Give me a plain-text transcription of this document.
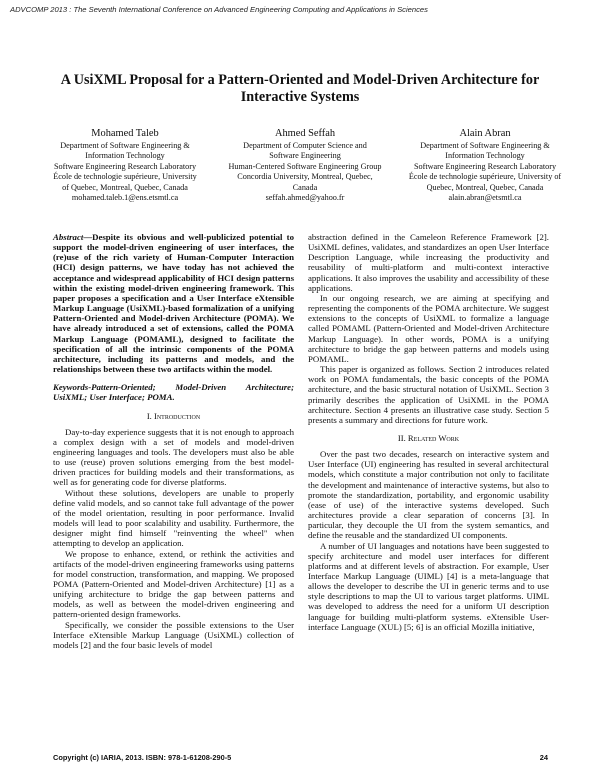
ADVCOMP 2013 : The Seventh International Conference on Advanced Engineering Computing and Applications in Sciences
A UsiXML Proposal for a Pattern-Oriented and Model-Driven Architecture for Interactive Systems
Mohamed Taleb
Department of Software Engineering &
Information Technology
Software Engineering Research Laboratory
École de technologie supérieure, University
of Quebec, Montreal, Quebec, Canada
mohamed.taleb.1@ens.etsmtl.ca
Ahmed Seffah
Department of Computer Science and
Software Engineering
Human-Centered Software Engineering Group
Concordia University, Montreal, Quebec,
Canada
seffah.ahmed@yahoo.fr
Alain Abran
Department of Software Engineering &
Information Technology
Software Engineering Research Laboratory
École de technologie supérieure, University of
Quebec, Montreal, Quebec, Canada
alain.abran@etsmtl.ca

Abstract—Despite its obvious and well-publicized potential to support the model-driven engineering of user interfaces, the (re)use of the rich variety of Human-Computer Interaction (HCI) design patterns, we have today has not achieved the acceptance and widespread applicability of HCI design patterns within the existing model-driven engineering framework. This paper proposes a specification and a User Interface eXtensible Markup Language (UsiXML)-based formalization of a unifying Pattern-Oriented and Model-driven Architecture (POMA). We have already introduced a set of extensions, called the POMA Markup Language (POMAML), designed to facilitate the specification of all the intrinsic components of the POMA architecture, including its patterns and models, and the relationships between these two artifacts within the model.

Keywords-Pattern-Oriented; Model-Driven Architecture; UsiXML; User Interface; POMA.

I. Introduction

Day-to-day experience suggests that it is not enough to approach a complex design with a set of models and model-driven engineering languages and tools. The developers must also be able to use (reuse) proven solutions emerging from the best model-driven practices for building models and their transformations, as well as for generating code for diverse platforms.

Without these solutions, developers are unable to properly define valid models, and so cannot take full advantage of the power of the model orientation, resulting in poor performance. Invalid models will lead to poor scalability and usability. Furthermore, the designer might find himself "reinventing the wheel" when attempting to develop an application.

We propose to enhance, extend, or rethink the activities and artifacts of the model-driven engineering frameworks using patterns for model construction, transformation, and mapping. We proposed POMA (Pattern-Oriented and Model-driven Architecture) [1] as a unifying architecture to bridge the gap between patterns and models, as well as between the model-driven engineering and pattern-oriented design frameworks.

Specifically, we consider the possible extensions to the User Interface eXtensible Markup Language (UsiXML) collection of models [2] and the four basic levels of model

abstraction defined in the Cameleon Reference Framework [2]. UsiXML defines, validates, and standardizes an open User Interface Description Language, while increasing the productivity and reusability of multi-platform and multi-context interactive applications. It also improves the usability and accessibility of these applications.

In our ongoing research, we are aiming at specifying and representing the components of the POMA architecture. We suggest extensions to the concepts of UsiXML to formalize a language called POMAML (Pattern-Oriented and Model-driven Architecture Markup Language). In other words, POMA is a unifying architecture to bridge the gap between patterns and models using POMAML.

This paper is organized as follows. Section 2 introduces related work on POMA fundamentals, the basic concepts of the POMA architecture, and the basic structural notation of UsiXML. Section 3 primarily describes the application of UsiXML in the POMA architecture. Section 4 presents an illustrative case study. Section 5 presents a summary and directions for future work.

II. Related Work

Over the past two decades, research on interactive system and User Interface (UI) engineering has resulted in several architectural models, which constitute a major contribution not only to facilitate the development and maintenance of interactive systems, but also to promote the standardization, portability, and ergonomic usability (ease of use) of the interactive systems developed. Such architectures provide a clear separation of concerns [3]. In particular, they decouple the UI from the system semantics, and define the reusable and the standardized UI components.

A number of UI languages and notations have been suggested to specify architecture and model user interfaces for different platforms and at different levels of abstraction. For example, User Interface Markup Language (UIML) [4] is a meta-language that allows the developer to describe the UI in generic terms and to use style descriptions to map the UI to various target platforms. UIML was developed to address the need for a uniform UI description language for building multi-platform systems. eXtensible User-interface Language (XUL) [5; 6] is an official Mozilla initiative,

Copyright (c) IARIA, 2013. ISBN: 978-1-61208-290-5	24
